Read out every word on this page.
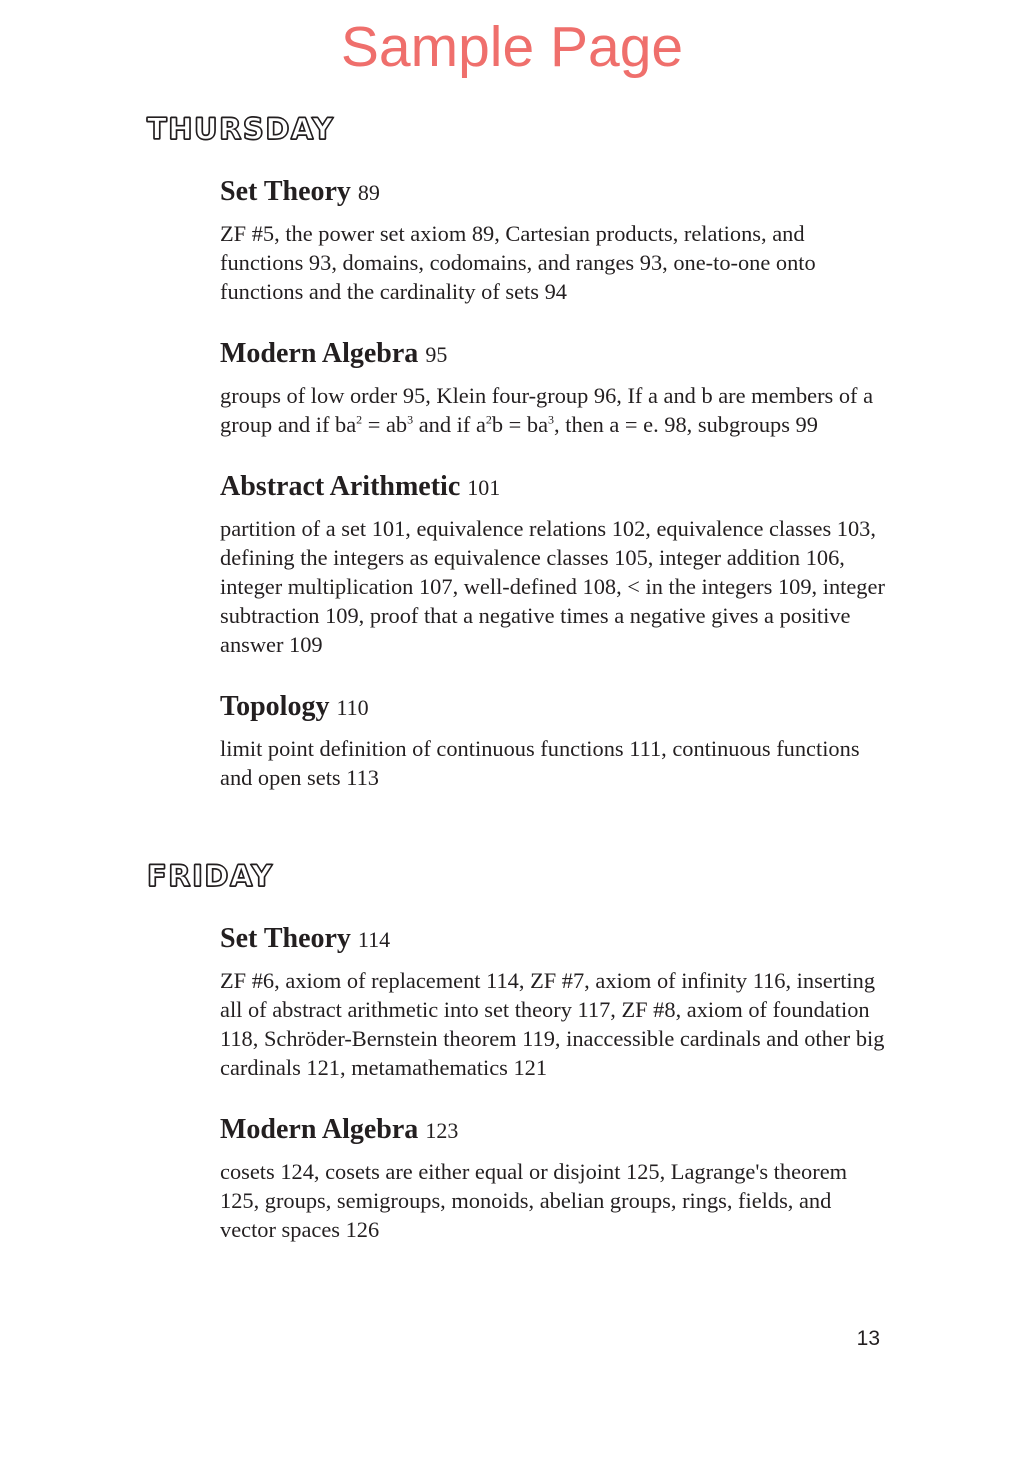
Sample Page
THURSDAY
Set Theory 89

ZF #5, the power set axiom 89, Cartesian products, relations, and functions 93, domains, codomains, and ranges 93, one-to-one onto functions and the cardinality of sets 94

Modern Algebra 95

groups of low order 95, Klein four-group 96, If a and b are members of a group and if $ba^2 = ab^3$ and if $a^2b = ba^3$, then a = e. 98, subgroups 99

Abstract Arithmetic 101

partition of a set 101, equivalence relations 102, equivalence classes 103, defining the integers as equivalence classes 105, integer addition 106, integer multiplication 107, well-defined 108, < in the integers 109, integer subtraction 109, proof that a negative times a negative gives a positive answer 109

Topology 110

limit point definition of continuous functions 111, continuous functions and open sets 113

FRIDAY
Set Theory 114

ZF #6, axiom of replacement 114, ZF #7, axiom of infinity 116, inserting all of abstract arithmetic into set theory 117, ZF #8, axiom of foundation 118, Schröder-Bernstein theorem 119, inaccessible cardinals and other big cardinals 121, metamathematics 121

Modern Algebra 123

cosets 124, cosets are either equal or disjoint 125, Lagrange's theorem 125, groups, semigroups, monoids, abelian groups, rings, fields, and vector spaces 126

13
